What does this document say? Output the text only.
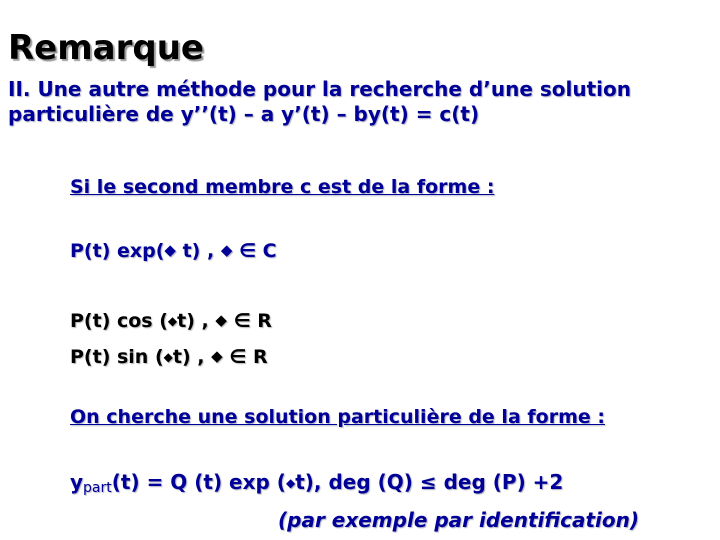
Remarque
II. Une autre méthode pour la recherche d’une solution particulière de y’’(t) – a y’(t) – by(t) = c(t)
Si le second membre c est de la forme :
P(t) exp(◆ t) , ◆ ∈ C
P(t) cos (◆t) , ◆ ∈ R
P(t) sin (◆t) , ◆ ∈ R
On cherche une solution particulière de la forme :
$y_{part}(t) = Q$ (t) exp (◆t), deg (Q) ≤ deg (P) +2
(par exemple par identification)
